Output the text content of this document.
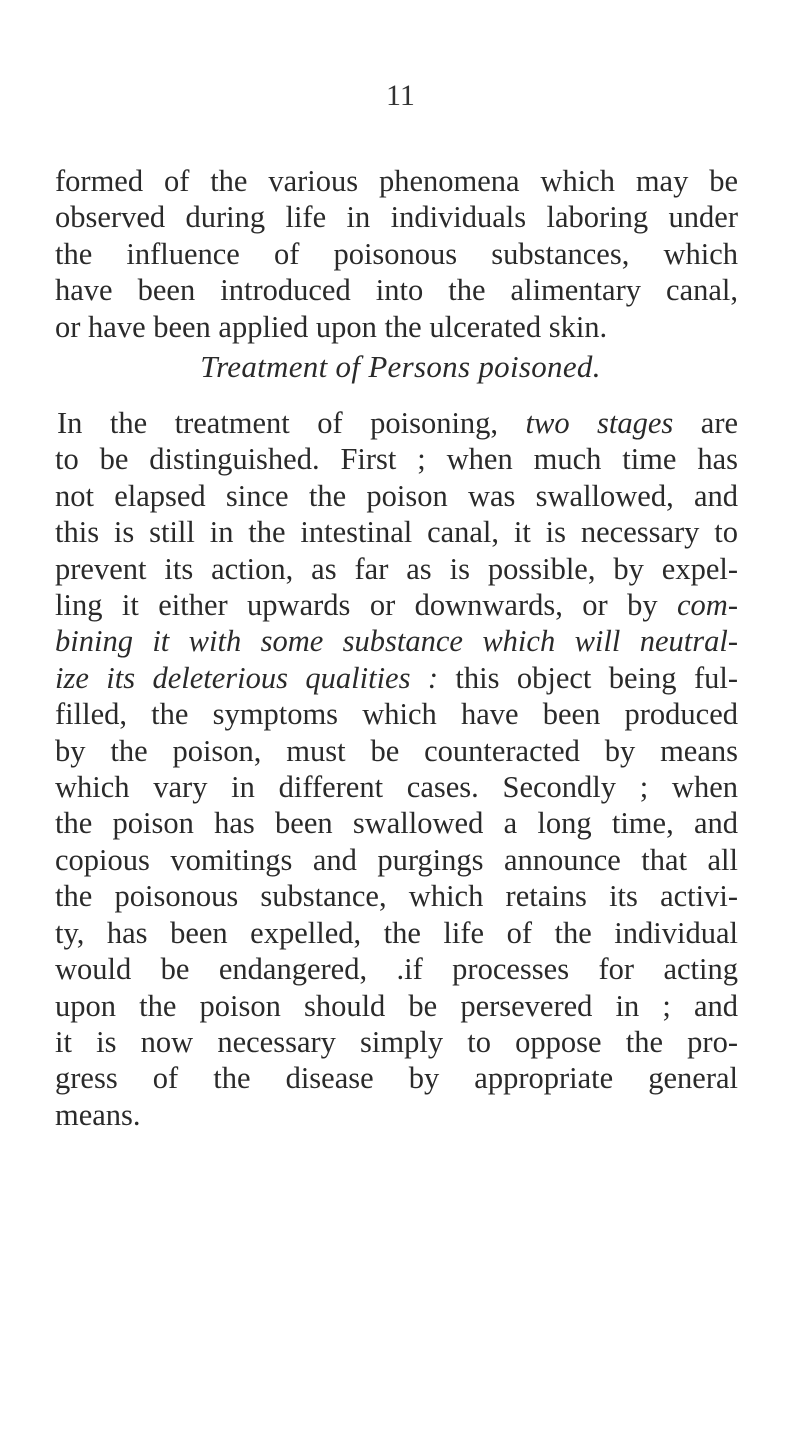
11
formed of the various phenomena which may be
observed during life in individuals laboring under
the influence of poisonous substances, which
have been introduced into the alimentary canal,
or have been applied upon the ulcerated skin.
Treatment of Persons poisoned.
In the treatment of poisoning, two stages are
to be distinguished. First ; when much time has
not elapsed since the poison was swallowed, and
this is still in the intestinal canal, it is necessary to
prevent its action, as far as is possible, by expel-
ling it either upwards or downwards, or by com-
bining it with some substance which will neutral-
ize its deleterious qualities : this object being ful-
filled, the symptoms which have been produced
by the poison, must be counteracted by means
which vary in different cases. Secondly ; when
the poison has been swallowed a long time, and
copious vomitings and purgings announce that all
the poisonous substance, which retains its activi-
ty, has been expelled, the life of the individual
would be endangered, .if processes for acting
upon the poison should be persevered in ; and
it is now necessary simply to oppose the pro-
gress of the disease by appropriate general
means.
